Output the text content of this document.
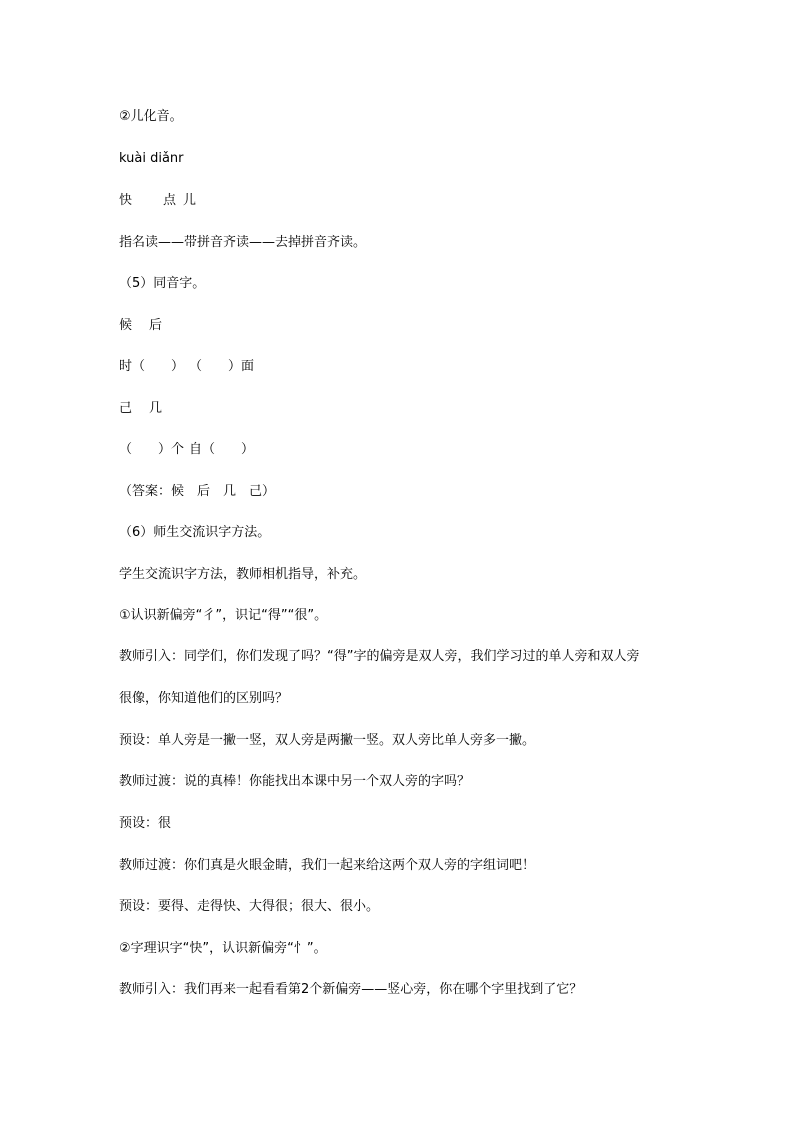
②儿化音。
kuài diǎnr
快 点 儿
指名读——带拼音齐读——去掉拼音齐读。
（5）同音字。
候 后
时（　　） （　　）面
己 几
（　　）个 自（　　）
（答案：候　后　几　己）
（6）师生交流识字方法。
学生交流识字方法，教师相机指导，补充。
①认识新偏旁“彳”，识记“得”“很”。
教师引入：同学们，你们发现了吗？“得”字的偏旁是双人旁，我们学习过的单人旁和双人旁
很像，你知道他们的区别吗？
预设：单人旁是一撇一竖，双人旁是两撇一竖。双人旁比单人旁多一撇。
教师过渡：说的真棒！你能找出本课中另一个双人旁的字吗？
预设：很
教师过渡：你们真是火眼金睛，我们一起来给这两个双人旁的字组词吧！
预设：要得、走得快、大得很；很大、很小。
②字理识字“快”，认识新偏旁“忄”。
教师引入：我们再来一起看看第2个新偏旁——竖心旁，你在哪个字里找到了它？
